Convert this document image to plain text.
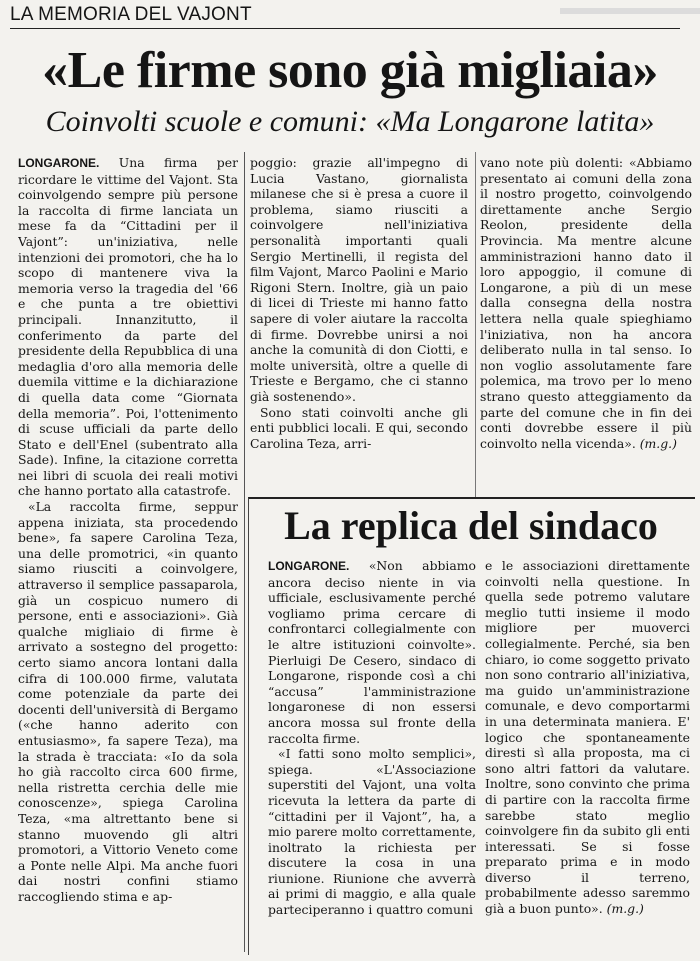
LA MEMORIA DEL VAJONT
«Le firme sono già migliaia»
Coinvolti scuole e comuni: «Ma Longarone latita»

LONGARONE. Una firma per ricordare le vittime del Vajont. Sta coinvolgendo sempre più persone la raccolta di firme lanciata un mese fa da “Cittadini per il Vajont”: un'iniziativa, nelle intenzioni dei promotori, che ha lo scopo di mantenere viva la memoria verso la tragedia del '66 e che punta a tre obiettivi principali. Innanzitutto, il conferimento da parte del presidente della Repubblica di una medaglia d'oro alla memoria delle duemila vittime e la dichiarazione di quella data come “Giornata della memoria”. Poi, l'ottenimento di scuse ufficiali da parte dello Stato e dell'Enel (subentrato alla Sade). Infine, la citazione corretta nei libri di scuola dei reali motivi che hanno portato alla catastrofe.

«La raccolta firme, seppur appena iniziata, sta procedendo bene», fa sapere Carolina Teza, una delle promotrici, «in quanto siamo riusciti a coinvolgere, attraverso il semplice passaparola, già un cospicuo numero di persone, enti e associazioni». Già qualche migliaio di firme è arrivato a sostegno del progetto: certo siamo ancora lontani dalla cifra di 100.000 firme, valutata come potenziale da parte dei docenti dell'università di Bergamo («che hanno aderito con entusiasmo», fa sapere Teza), ma la strada è tracciata: «Io da sola ho già raccolto circa 600 firme, nella ristretta cerchia delle mie conoscenze», spiega Carolina Teza, «ma altrettanto bene si stanno muovendo gli altri promotori, a Vittorio Veneto come a Ponte nelle Alpi. Ma anche fuori dai nostri confini stiamo raccogliendo stima e ap-

poggio: grazie all'impegno di Lucia Vastano, giornalista milanese che si è presa a cuore il problema, siamo riusciti a coinvolgere nell'iniziativa personalità importanti quali Sergio Mertinelli, il regista del film Vajont, Marco Paolini e Mario Rigoni Stern. Inoltre, già un paio di licei di Trieste mi hanno fatto sapere di voler aiutare la raccolta di firme. Dovrebbe unirsi a noi anche la comunità di don Ciotti, e molte università, oltre a quelle di Trieste e Bergamo, che ci stanno già sostenendo».

Sono stati coinvolti anche gli enti pubblici locali. E qui, secondo Carolina Teza, arri-

vano note più dolenti: «Abbiamo presentato ai comuni della zona il nostro progetto, coinvolgendo direttamente anche Sergio Reolon, presidente della Provincia. Ma mentre alcune amministrazioni hanno dato il loro appoggio, il comune di Longarone, a più di un mese dalla consegna della nostra lettera nella quale spieghiamo l'iniziativa, non ha ancora deliberato nulla in tal senso. Io non voglio assolutamente fare polemica, ma trovo per lo meno strano questo atteggiamento da parte del comune che in fin dei conti dovrebbe essere il più coinvolto nella vicenda». (m.g.)

La replica del sindaco

LONGARONE. «Non abbiamo ancora deciso niente in via ufficiale, esclusivamente perché vogliamo prima cercare di confrontarci collegialmente con le altre istituzioni coinvolte». Pierluigi De Cesero, sindaco di Longarone, risponde così a chi “accusa” l'amministrazione longaronese di non essersi ancora mossa sul fronte della raccolta firme.

«I fatti sono molto semplici», spiega. «L'Associazione superstiti del Vajont, una volta ricevuta la lettera da parte di “cittadini per il Vajont”, ha, a mio parere molto correttamente, inoltrato la richiesta per discutere la cosa in una riunione. Riunione che avverrà ai primi di maggio, e alla quale parteciperanno i quattro comuni

e le associazioni direttamente coinvolti nella questione. In quella sede potremo valutare meglio tutti insieme il modo migliore per muoverci collegialmente. Perché, sia ben chiaro, io come soggetto privato non sono contrario all'iniziativa, ma guido un'amministrazione comunale, e devo comportarmi in una determinata maniera. E' logico che spontaneamente diresti sì alla proposta, ma ci sono altri fattori da valutare. Inoltre, sono convinto che prima di partire con la raccolta firme sarebbe stato meglio coinvolgere fin da subito gli enti interessati. Se si fosse preparato prima e in modo diverso il terreno, probabilmente adesso saremmo già a buon punto». (m.g.)
